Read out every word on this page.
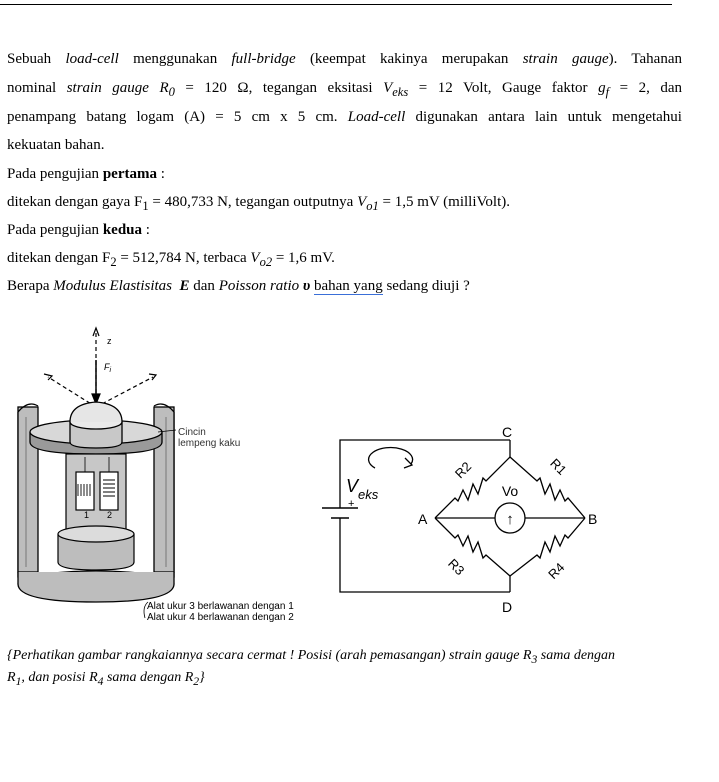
Sebuah load-cell menggunakan full-bridge (keempat kakinya merupakan strain gauge). Tahanan
nominal strain gauge $R_0 = 120$ Ω, tegangan eksitasi $V_{eks} = 12$ Volt, Gauge faktor $g_f = 2$, dan
penampang batang logam (A) = 5 cm x 5 cm. Load-cell digunakan antara lain untuk mengetahui
kekuatan bahan.
Pada pengujian pertama :
ditekan dengan gaya $F_1 = 480,733$ N, tegangan outputnya $V_{o1} = 1,5$ mV (milliVolt).
Pada pengujian kedua :
ditekan dengan $F_2 = 512,784$ N, terbaca $V_{o2} = 1,6$ mV.
Berapa Modulus Elastisitas E dan Poisson ratio υ bahan yang sedang diuji ?
z
$F_i$
1 2
Cincin
lempeng kaku
Alat ukur 3 berlawanan dengan 1
Alat ukur 4 berlawanan dengan 2
↑
Vo
C
D
A	B
R2	R1
R3	R4
$V_{eks}$
+
{Perhatikan gambar rangkaiannya secara cermat ! Posisi (arah pemasangan) strain gauge $R_3$ sama dengan
$R_1$, dan posisi $R_4$ sama dengan $R_2$}
